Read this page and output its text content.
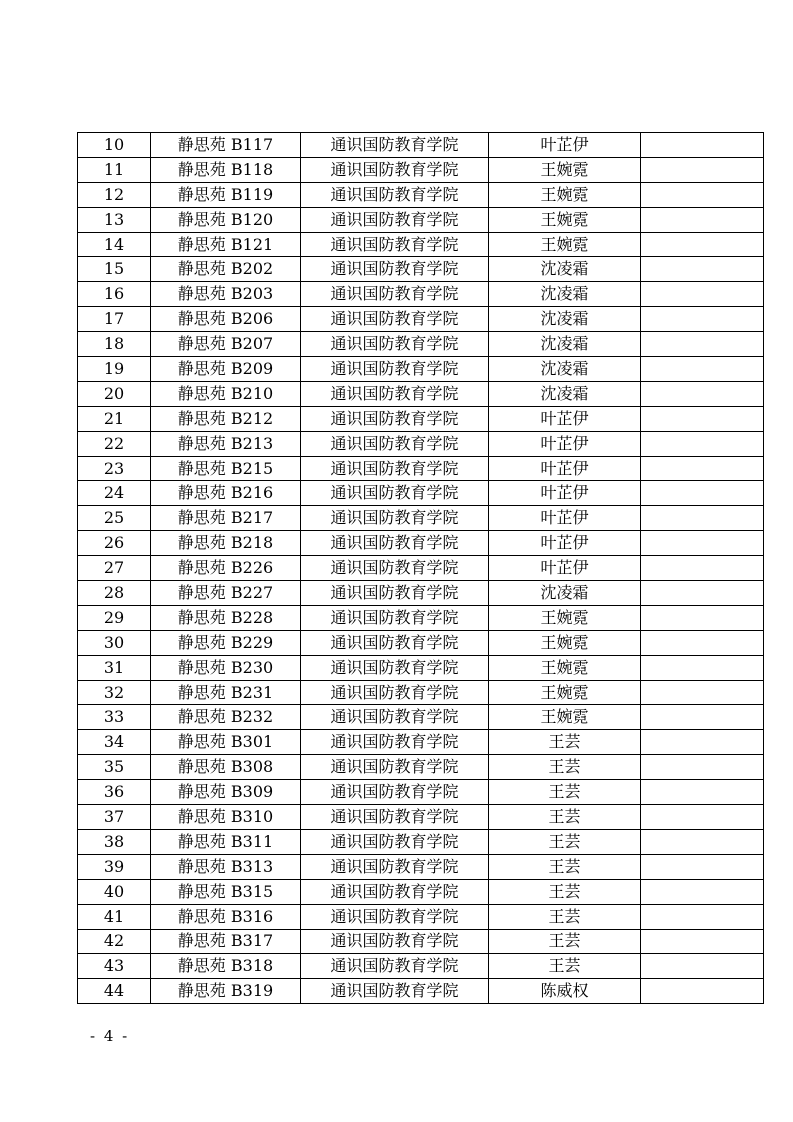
10	静思苑 B117	通识国防教育学院	叶芷伊	
11	静思苑 B118	通识国防教育学院	王婉霓	
12	静思苑 B119	通识国防教育学院	王婉霓	
13	静思苑 B120	通识国防教育学院	王婉霓	
14	静思苑 B121	通识国防教育学院	王婉霓	
15	静思苑 B202	通识国防教育学院	沈凌霜	
16	静思苑 B203	通识国防教育学院	沈凌霜	
17	静思苑 B206	通识国防教育学院	沈凌霜	
18	静思苑 B207	通识国防教育学院	沈凌霜	
19	静思苑 B209	通识国防教育学院	沈凌霜	
20	静思苑 B210	通识国防教育学院	沈凌霜	
21	静思苑 B212	通识国防教育学院	叶芷伊	
22	静思苑 B213	通识国防教育学院	叶芷伊	
23	静思苑 B215	通识国防教育学院	叶芷伊	
24	静思苑 B216	通识国防教育学院	叶芷伊	
25	静思苑 B217	通识国防教育学院	叶芷伊	
26	静思苑 B218	通识国防教育学院	叶芷伊	
27	静思苑 B226	通识国防教育学院	叶芷伊	
28	静思苑 B227	通识国防教育学院	沈凌霜	
29	静思苑 B228	通识国防教育学院	王婉霓	
30	静思苑 B229	通识国防教育学院	王婉霓	
31	静思苑 B230	通识国防教育学院	王婉霓	
32	静思苑 B231	通识国防教育学院	王婉霓	
33	静思苑 B232	通识国防教育学院	王婉霓	
34	静思苑 B301	通识国防教育学院	王芸	
35	静思苑 B308	通识国防教育学院	王芸	
36	静思苑 B309	通识国防教育学院	王芸	
37	静思苑 B310	通识国防教育学院	王芸	
38	静思苑 B311	通识国防教育学院	王芸	
39	静思苑 B313	通识国防教育学院	王芸	
40	静思苑 B315	通识国防教育学院	王芸	
41	静思苑 B316	通识国防教育学院	王芸	
42	静思苑 B317	通识国防教育学院	王芸	
43	静思苑 B318	通识国防教育学院	王芸	
44	静思苑 B319	通识国防教育学院	陈威权	
- 4 -
